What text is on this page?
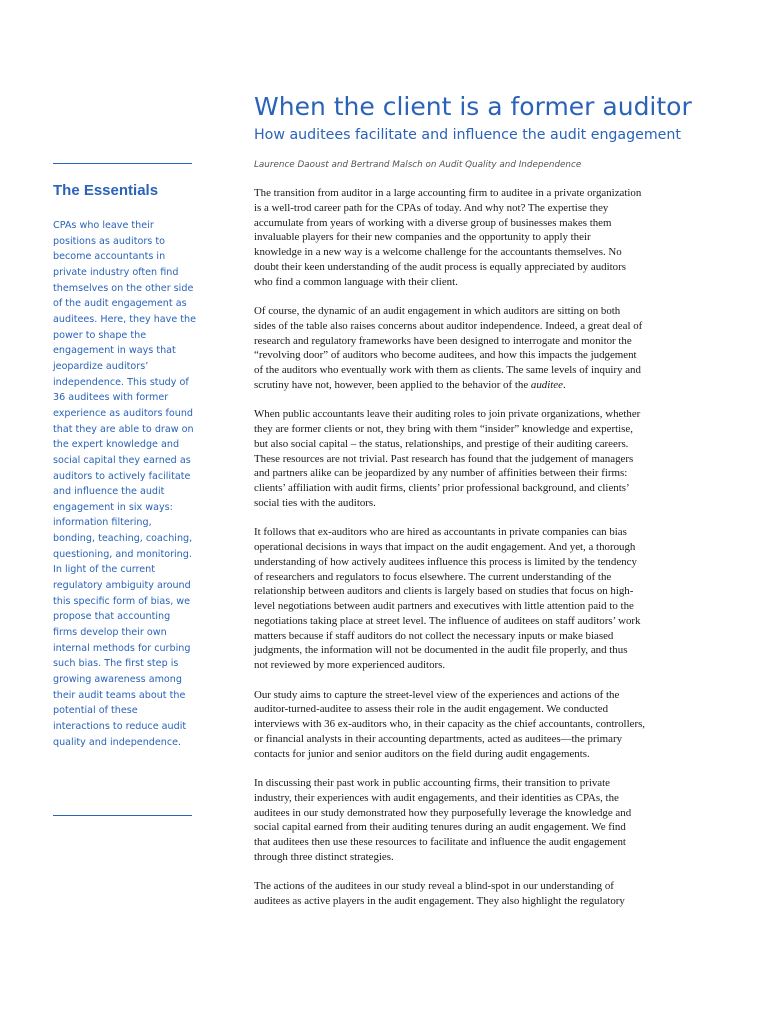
The Essentials

CPAs who leave their
positions as auditors to
become accountants in
private industry often find
themselves on the other side
of the audit engagement as
auditees. Here, they have the
power to shape the
engagement in ways that
jeopardize auditors’
independence. This study of
36 auditees with former
experience as auditors found
that they are able to draw on
the expert knowledge and
social capital they earned as
auditors to actively facilitate
and influence the audit
engagement in six ways:
information filtering,
bonding, teaching, coaching,
questioning, and monitoring.
In light of the current
regulatory ambiguity around
this specific form of bias, we
propose that accounting
firms develop their own
internal methods for curbing
such bias. The first step is
growing awareness among
their audit teams about the
potential of these
interactions to reduce audit
quality and independence.

When the client is a former auditor
How auditees facilitate and influence the audit engagement
Laurence Daoust and Bertrand Malsch on Audit Quality and Independence

The transition from auditor in a large accounting firm to auditee in a private organization
is a well-trod career path for the CPAs of today. And why not? The expertise they
accumulate from years of working with a diverse group of businesses makes them
invaluable players for their new companies and the opportunity to apply their
knowledge in a new way is a welcome challenge for the accountants themselves. No
doubt their keen understanding of the audit process is equally appreciated by auditors
who find a common language with their client.

Of course, the dynamic of an audit engagement in which auditors are sitting on both
sides of the table also raises concerns about auditor independence. Indeed, a great deal of
research and regulatory frameworks have been designed to interrogate and monitor the
“revolving door” of auditors who become auditees, and how this impacts the judgement
of the auditors who eventually work with them as clients. The same levels of inquiry and
scrutiny have not, however, been applied to the behavior of the auditee.

When public accountants leave their auditing roles to join private organizations, whether
they are former clients or not, they bring with them “insider” knowledge and expertise,
but also social capital – the status, relationships, and prestige of their auditing careers.
These resources are not trivial. Past research has found that the judgement of managers
and partners alike can be jeopardized by any number of affinities between their firms:
clients’ affiliation with audit firms, clients’ prior professional background, and clients’
social ties with the auditors.

It follows that ex-auditors who are hired as accountants in private companies can bias
operational decisions in ways that impact on the audit engagement. And yet, a thorough
understanding of how actively auditees influence this process is limited by the tendency
of researchers and regulators to focus elsewhere. The current understanding of the
relationship between auditors and clients is largely based on studies that focus on high-
level negotiations between audit partners and executives with little attention paid to the
negotiations taking place at street level. The influence of auditees on staff auditors’ work
matters because if staff auditors do not collect the necessary inputs or make biased
judgments, the information will not be documented in the audit file properly, and thus
not reviewed by more experienced auditors.

Our study aims to capture the street-level view of the experiences and actions of the
auditor-turned-auditee to assess their role in the audit engagement. We conducted
interviews with 36 ex-auditors who, in their capacity as the chief accountants, controllers,
or financial analysts in their accounting departments, acted as auditees—the primary
contacts for junior and senior auditors on the field during audit engagements.

In discussing their past work in public accounting firms, their transition to private
industry, their experiences with audit engagements, and their identities as CPAs, the
auditees in our study demonstrated how they purposefully leverage the knowledge and
social capital earned from their auditing tenures during an audit engagement. We find
that auditees then use these resources to facilitate and influence the audit engagement
through three distinct strategies.

The actions of the auditees in our study reveal a blind-spot in our understanding of
auditees as active players in the audit engagement. They also highlight the regulatory
